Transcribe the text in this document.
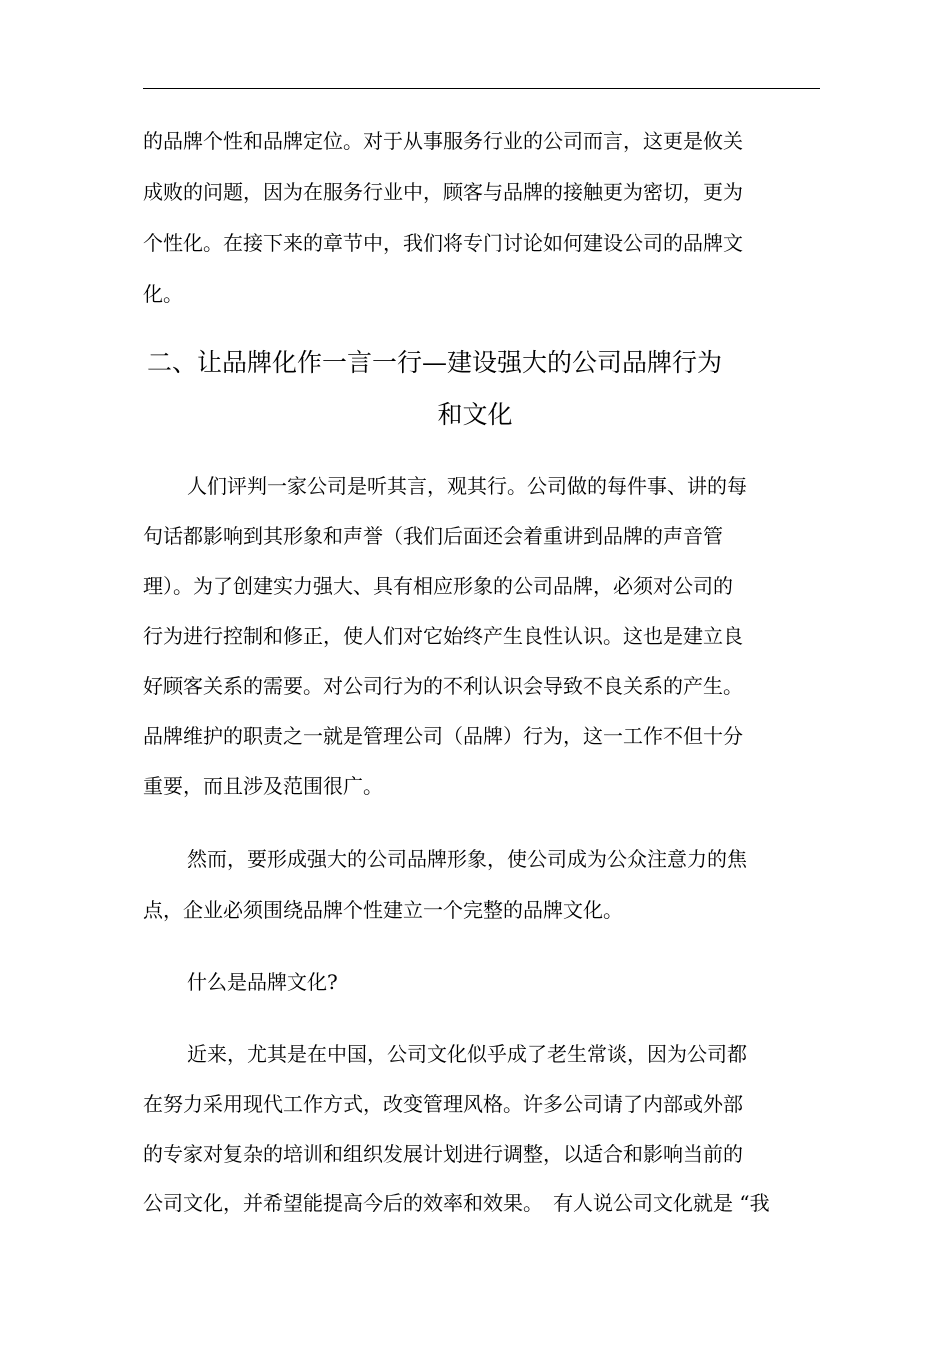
的品牌个性和品牌定位。对于从事服务行业的公司而言，这更是攸关
成败的问题，因为在服务行业中，顾客与品牌的接触更为密切，更为
个性化。在接下来的章节中，我们将专门讨论如何建设公司的品牌文
化。
二、让品牌化作一言一行—建设强大的公司品牌行为
和文化
人们评判一家公司是听其言，观其行。公司做的每件事、讲的每
句话都影响到其形象和声誉（我们后面还会着重讲到品牌的声音管
理）。为了创建实力强大、具有相应形象的公司品牌，必须对公司的
行为进行控制和修正，使人们对它始终产生良性认识。这也是建立良
好顾客关系的需要。对公司行为的不利认识会导致不良关系的产生。
品牌维护的职责之一就是管理公司（品牌）行为，这一工作不但十分
重要，而且涉及范围很广。
然而，要形成强大的公司品牌形象，使公司成为公众注意力的焦
点，企业必须围绕品牌个性建立一个完整的品牌文化。
什么是品牌文化?
近来，尤其是在中国，公司文化似乎成了老生常谈，因为公司都
在努力采用现代工作方式，改变管理风格。许多公司请了内部或外部
的专家对复杂的培训和组织发展计划进行调整，以适合和影响当前的
公司文化，并希望能提高今后的效率和效果。　有人说公司文化就是 “我
